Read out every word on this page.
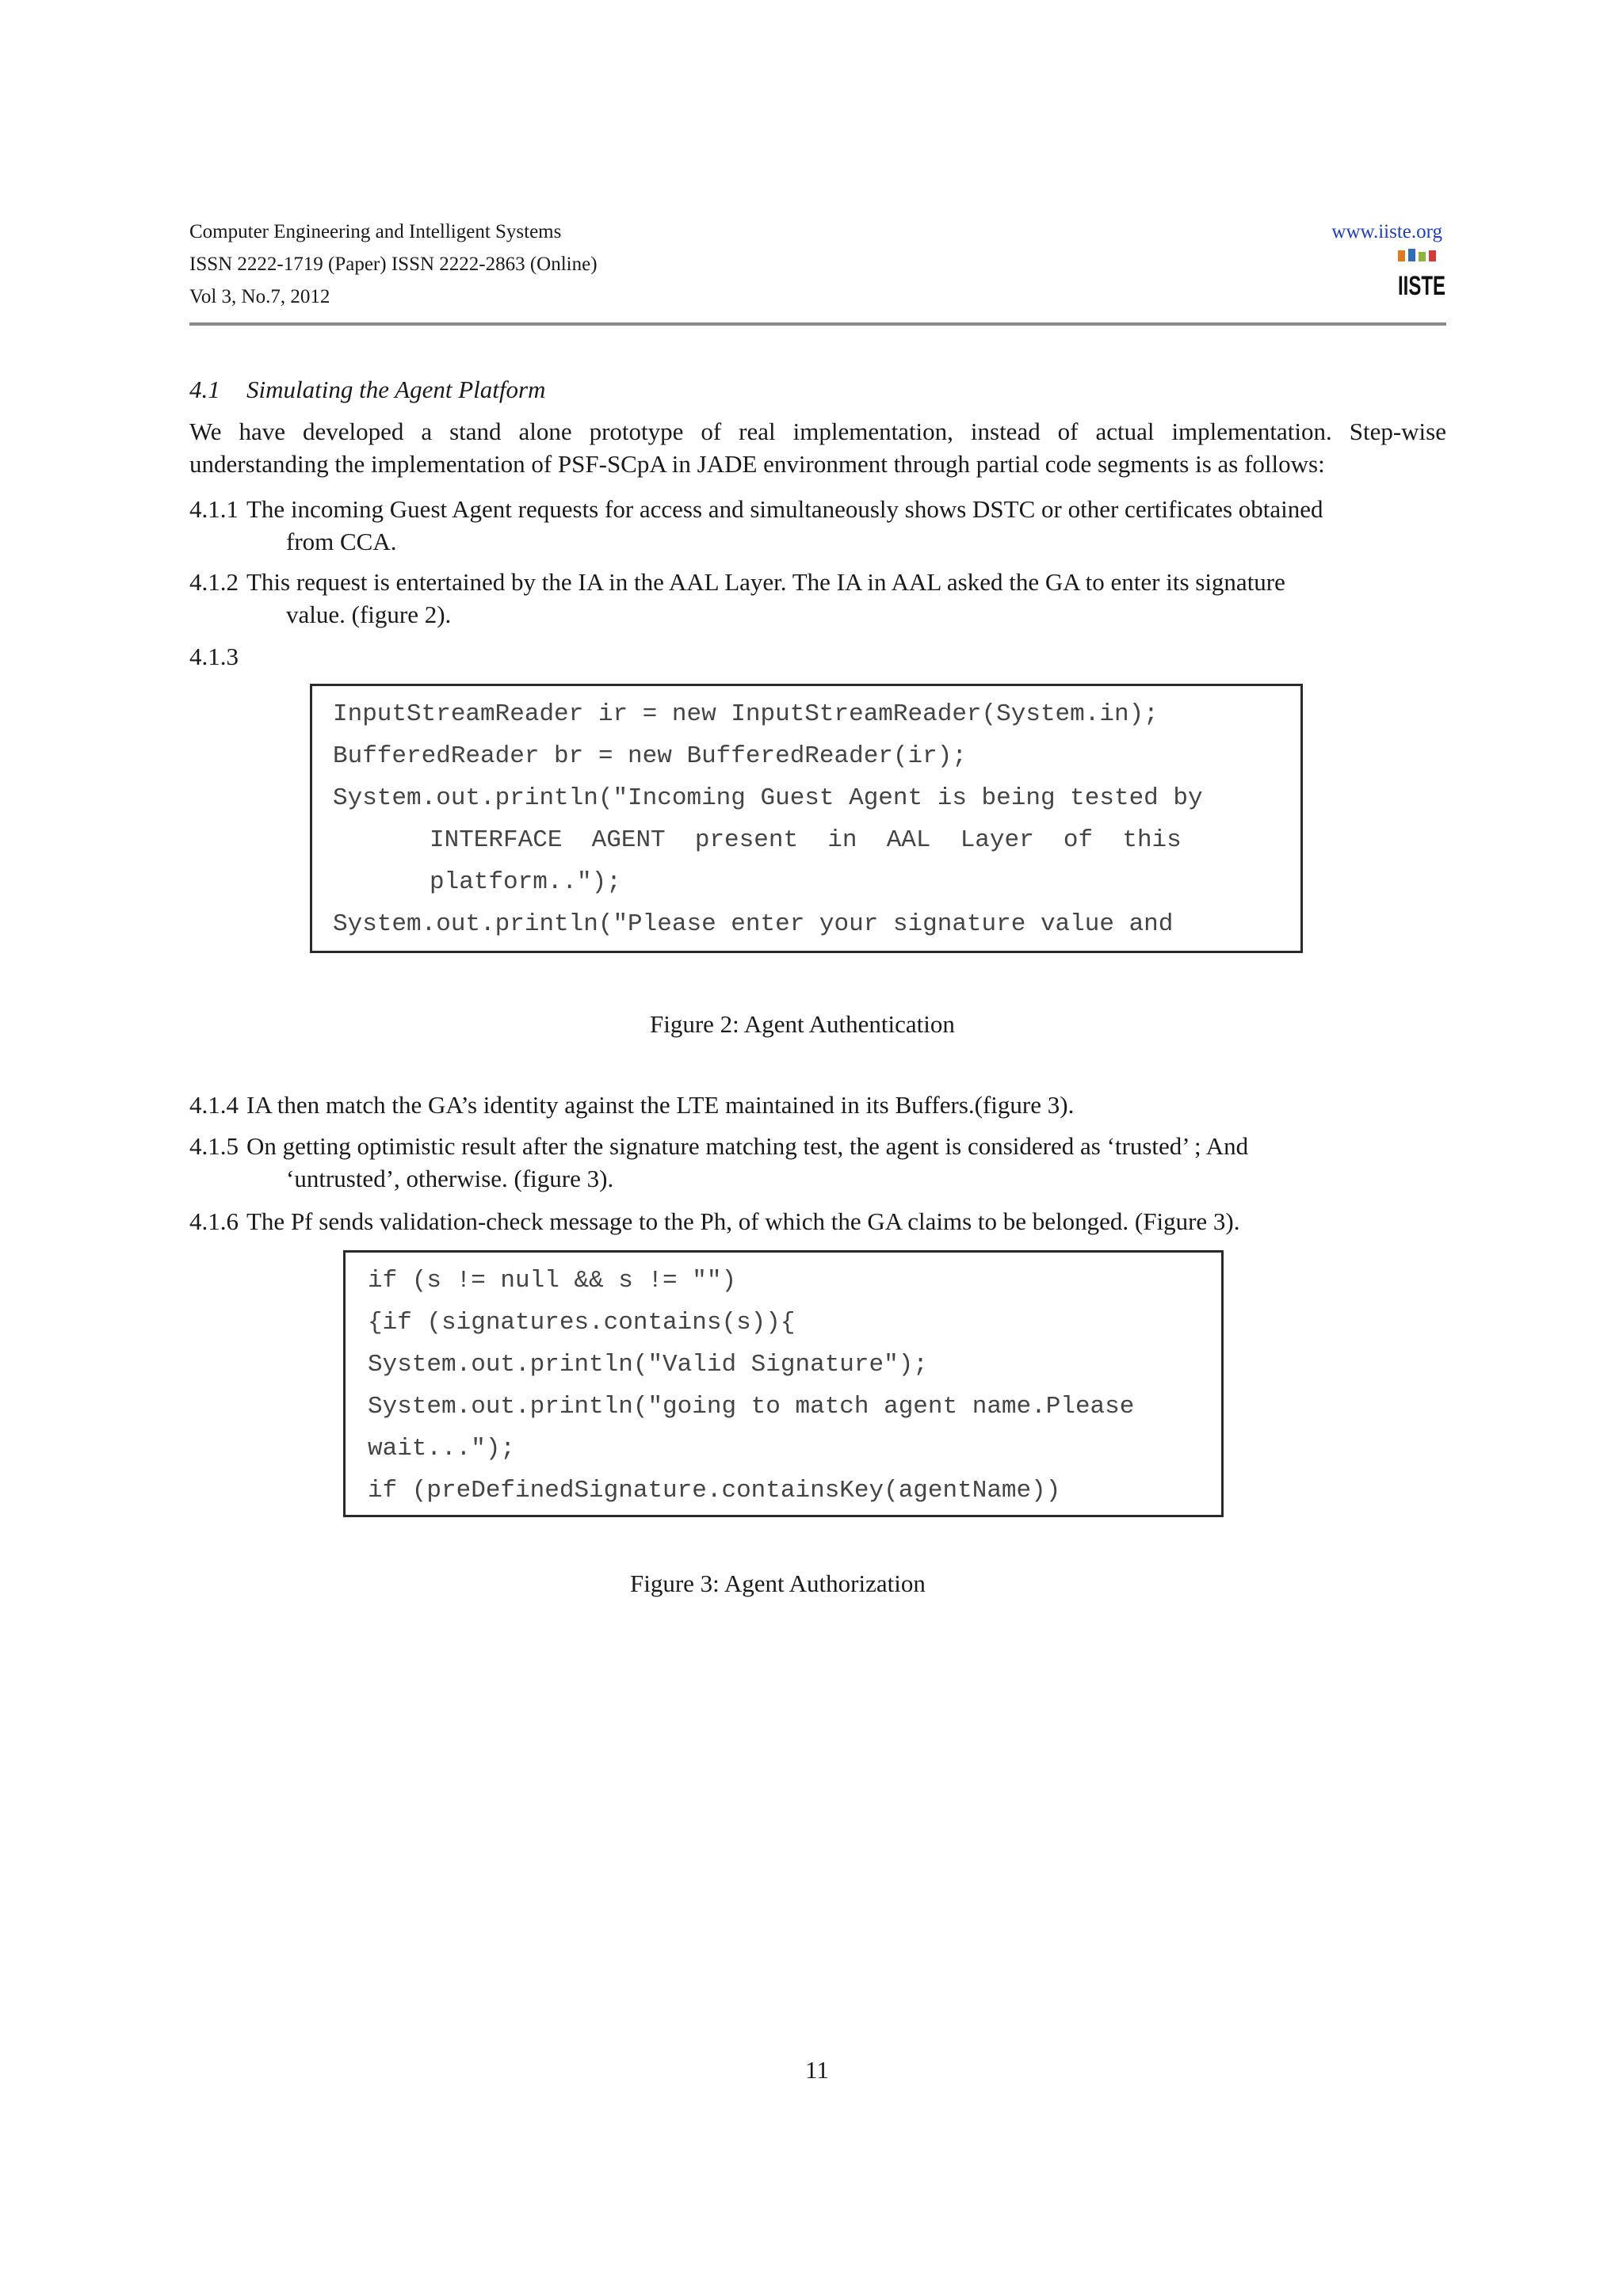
Computer Engineering and Intelligent Systems
ISSN 2222-1719 (Paper) ISSN 2222-2863 (Online)
Vol 3, No.7, 2012
www.iiste.org
IISTE
4.1 Simulating the Agent Platform
We have developed a stand alone prototype of real implementation, instead of actual implementation. Step-wise
understanding the implementation of PSF-SCpA in JADE environment through partial code segments is as follows:
4.1.1 The incoming Guest Agent requests for access and simultaneously shows DSTC or other certificates obtained
from CCA.
4.1.2 This request is entertained by the IA in the AAL Layer. The IA in AAL asked the GA to enter its signature
value. (figure 2).
4.1.3
InputStreamReader ir = new InputStreamReader(System.in);
BufferedReader br = new BufferedReader(ir);
System.out.println("Incoming Guest Agent is being tested by
INTERFACE  AGENT  present  in  AAL  Layer  of  this
platform..");
System.out.println("Please enter your signature value and
Figure 2: Agent Authentication
4.1.4 IA then match the GA’s identity against the LTE maintained in its Buffers.(figure 3).
4.1.5 On getting optimistic result after the signature matching test, the agent is considered as ‘trusted’ ; And
‘untrusted’, otherwise. (figure 3).
4.1.6 The Pf sends validation-check message to the Ph, of which the GA claims to be belonged. (Figure 3).
if (s != null && s != "")
{if (signatures.contains(s)){
System.out.println("Valid Signature");
System.out.println("going to match agent name.Please
wait...");
if (preDefinedSignature.containsKey(agentName))
Figure 3: Agent Authorization
11
